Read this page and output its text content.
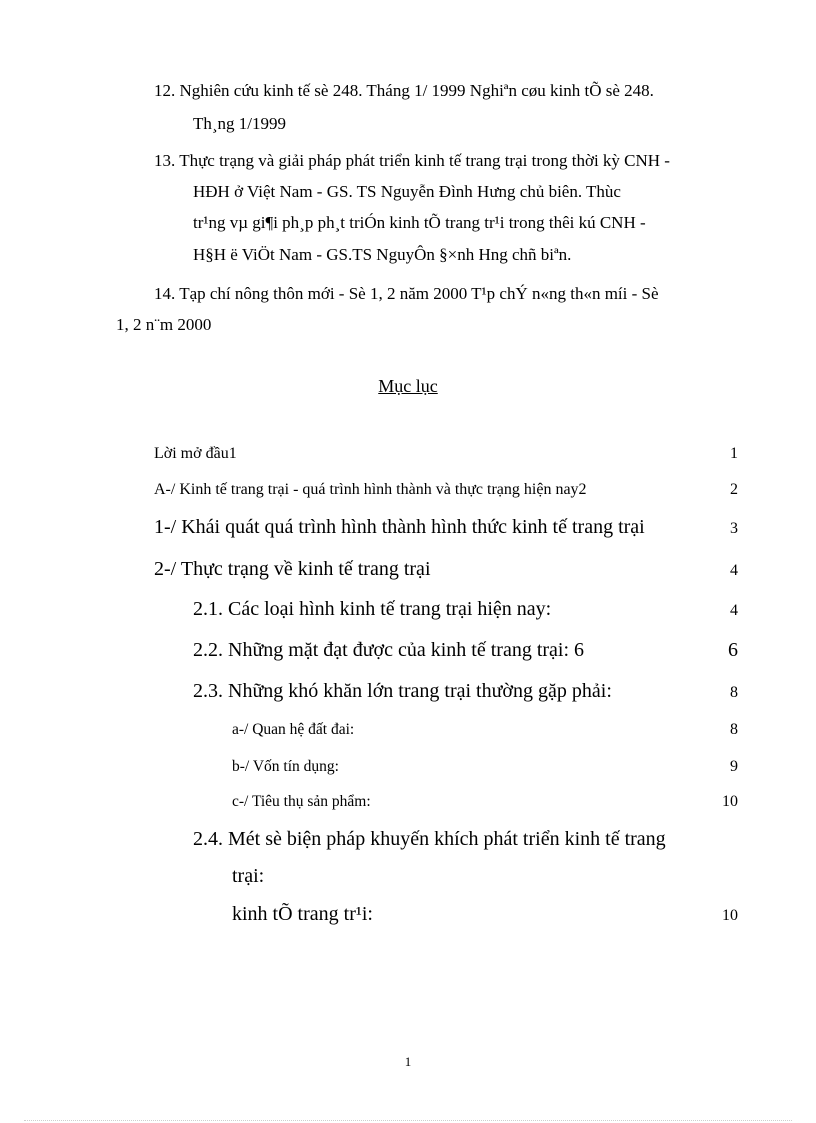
12. Nghiên cứu kinh tế sè 248. Tháng 1/ 1999 Nghiªn cøu kinh tÕ sè 248.
Th¸ng 1/1999
13. Thực trạng và giải pháp phát triển kinh tế trang trại trong thời kỳ CNH -
HĐH ở Việt Nam - GS. TS Nguyễn Đình Hưng chủ biên. Thùc
tr¹ng vµ gi¶i ph¸p ph¸t triÓn kinh tÕ trang tr¹i trong thêi kú CNH -
H§H ë ViÖt Nam - GS.TS NguyÔn §×nh Hng chñ biªn.
14. Tạp chí nông thôn mới - Sè 1, 2 năm 2000 T¹p chÝ n«ng th«n míi - Sè
1, 2 n¨m 2000
Mục lục
Lời mở đầu1	1
A-/ Kinh tế trang trại - quá trình hình thành và thực trạng hiện nay2	2
1-/ Khái quát quá trình hình thành hình thức kinh tế trang trại	3
2-/ Thực trạng về kinh tế trang trại	4
2.1. Các loại hình kinh tế trang trại hiện nay:	4
2.2. Những mặt đạt được của kinh tế trang trại: 6	6
2.3. Những khó khăn lớn trang trại thường gặp phải:	8
a-/ Quan hệ đất đai:	8
b-/ Vốn tín dụng:	9
c-/ Tiêu thụ sản phẩm:	10
2.4. Mét sè biện pháp khuyến khích phát triển kinh tế trang
trại:
kinh tÕ trang tr¹i:	10
1
